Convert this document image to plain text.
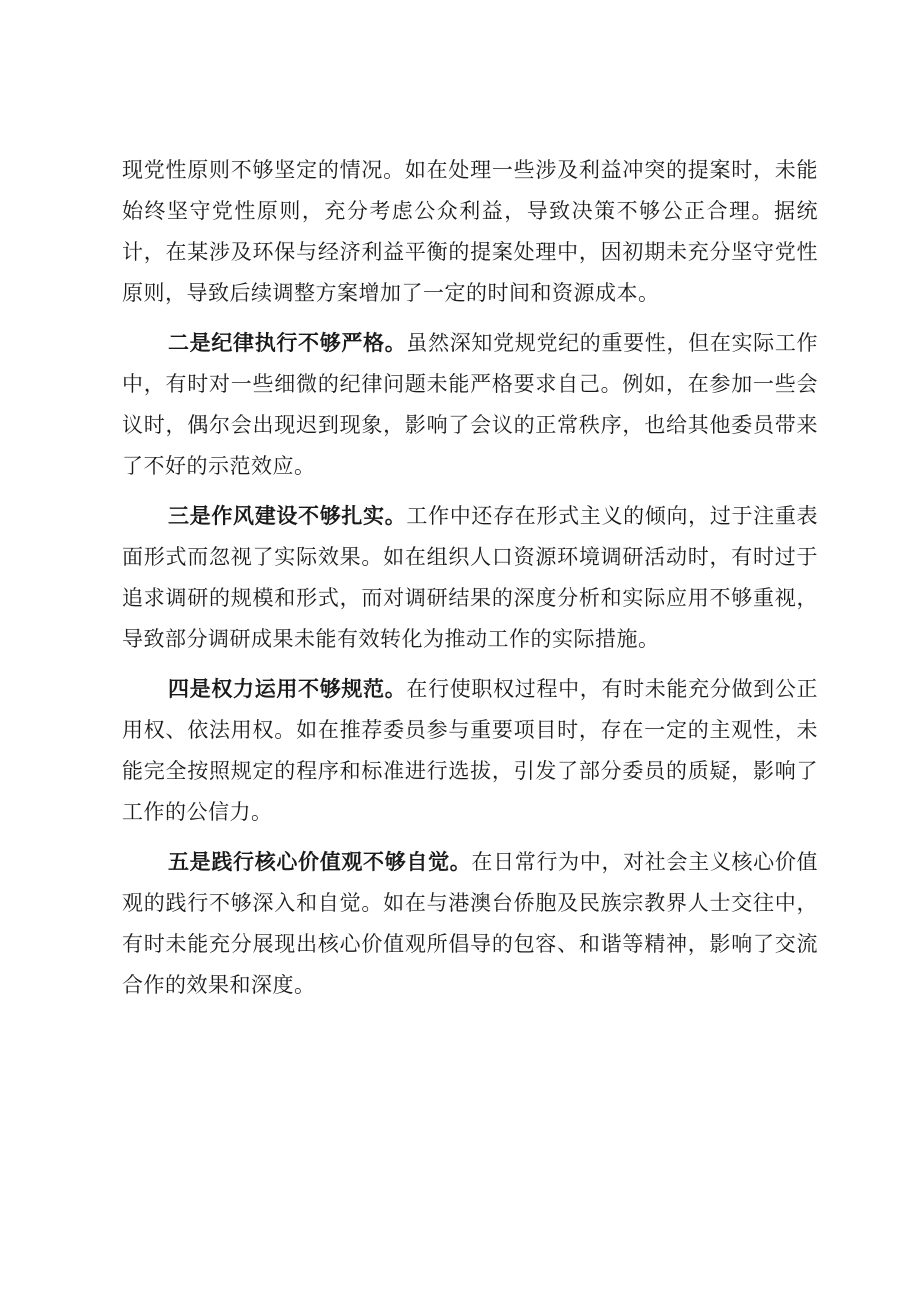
现党性原则不够坚定的情况。如在处理一些涉及利益冲突的提案时，未能始终坚守党性原则，充分考虑公众利益，导致决策不够公正合理。据统计，在某涉及环保与经济利益平衡的提案处理中，因初期未充分坚守党性原则，导致后续调整方案增加了一定的时间和资源成本。

二是纪律执行不够严格。虽然深知党规党纪的重要性，但在实际工作中，有时对一些细微的纪律问题未能严格要求自己。例如，在参加一些会议时，偶尔会出现迟到现象，影响了会议的正常秩序，也给其他委员带来了不好的示范效应。

三是作风建设不够扎实。工作中还存在形式主义的倾向，过于注重表面形式而忽视了实际效果。如在组织人口资源环境调研活动时，有时过于追求调研的规模和形式，而对调研结果的深度分析和实际应用不够重视，导致部分调研成果未能有效转化为推动工作的实际措施。

四是权力运用不够规范。在行使职权过程中，有时未能充分做到公正用权、依法用权。如在推荐委员参与重要项目时，存在一定的主观性，未能完全按照规定的程序和标准进行选拔，引发了部分委员的质疑，影响了工作的公信力。

五是践行核心价值观不够自觉。在日常行为中，对社会主义核心价值观的践行不够深入和自觉。如在与港澳台侨胞及民族宗教界人士交往中，有时未能充分展现出核心价值观所倡导的包容、和谐等精神，影响了交流合作的效果和深度。
